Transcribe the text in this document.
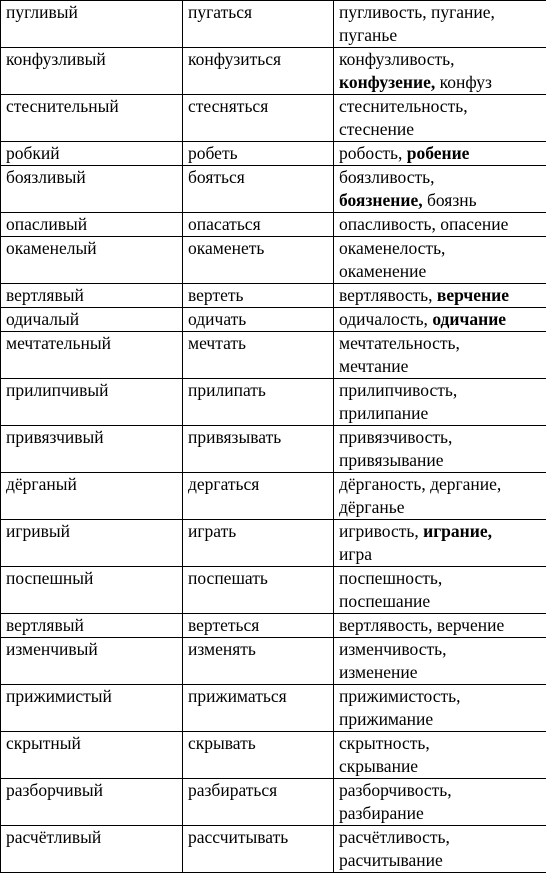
пугливый	пугаться	пугливость, пугание,
пуганье
конфузливый	конфузиться	конфузливость,
конфузение, конфуз
стеснительный	стесняться	стеснительность,
стеснение
робкий	робеть	робость, робение
боязливый	бояться	боязливость,
боязнение, боязнь
опасливый	опасаться	опасливость, опасение
окаменелый	окаменеть	окаменелость,
окаменение
вертлявый	вертеть	вертлявость, верчение
одичалый	одичать	одичалость, одичание
мечтательный	мечтать	мечтательность,
мечтание
прилипчивый	прилипать	прилипчивость,
прилипание
привязчивый	привязывать	привязчивость,
привязывание
дёрганый	дергаться	дёрганость, дергание,
дёрганье
игривый	играть	игривость, играние,
игра
поспешный	поспешать	поспешность,
поспешание
вертлявый	вертеться	вертлявость, верчение
изменчивый	изменять	изменчивость,
изменение
прижимистый	прижиматься	прижимистость,
прижимание
скрытный	скрывать	скрытность,
скрывание
разборчивый	разбираться	разборчивость,
разбирание
расчётливый	рассчитывать	расчётливость,
расчитывание
